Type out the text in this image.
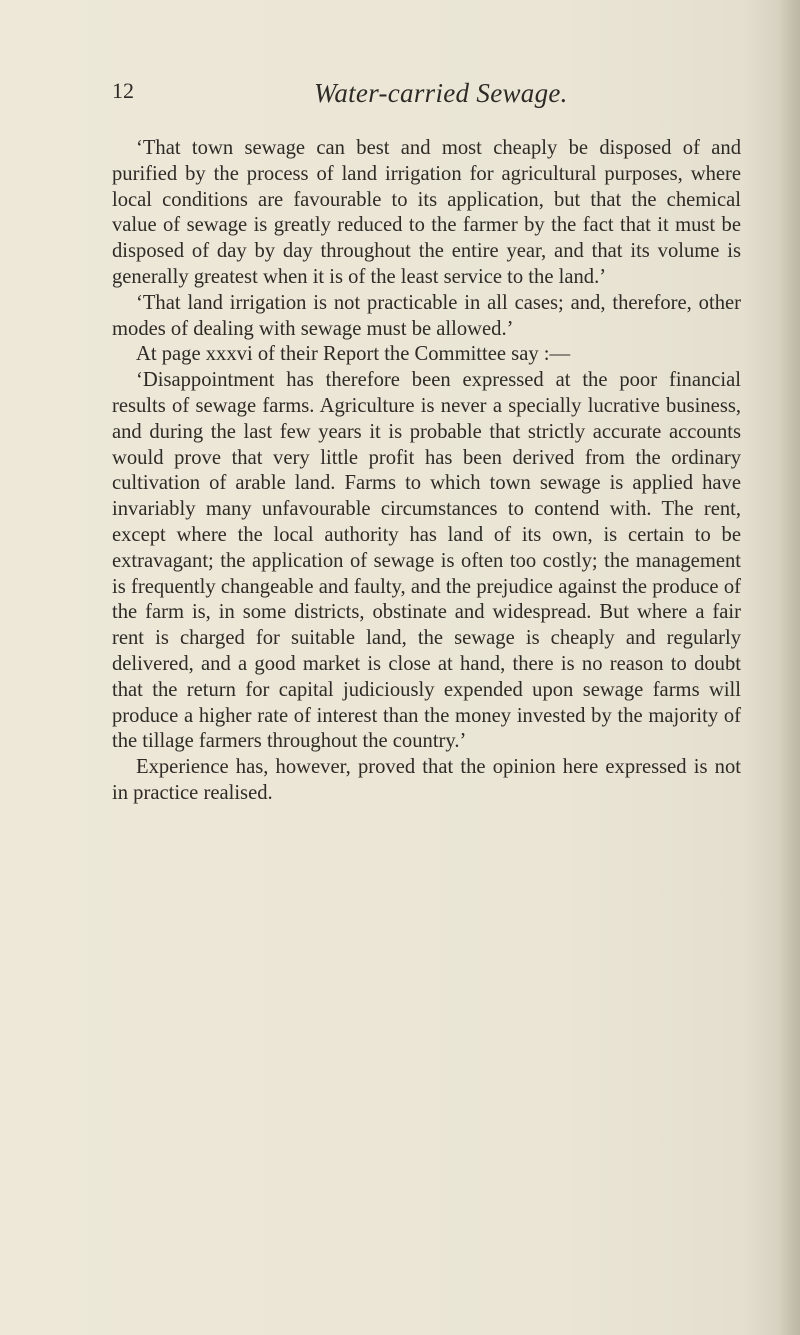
12	Water-carried Sewage.

‘That town sewage can best and most cheaply be disposed of and purified by the process of land irrigation for agricultural purposes, where local conditions are favourable to its application, but that the chemical value of sewage is greatly reduced to the farmer by the fact that it must be disposed of day by day throughout the entire year, and that its volume is generally greatest when it is of the least service to the land.’

‘That land irrigation is not practicable in all cases; and, therefore, other modes of dealing with sewage must be allowed.’

At page xxxvi of their Report the Committee say :—

‘Disappointment has therefore been expressed at the poor financial results of sewage farms. Agriculture is never a specially lucrative business, and during the last few years it is probable that strictly accurate accounts would prove that very little profit has been derived from the ordinary cultivation of arable land. Farms to which town sewage is applied have invariably many unfavourable circumstances to contend with. The rent, except where the local authority has land of its own, is certain to be extravagant; the application of sewage is often too costly; the management is frequently changeable and faulty, and the prejudice against the produce of the farm is, in some districts, obstinate and widespread. But where a fair rent is charged for suitable land, the sewage is cheaply and regularly delivered, and a good market is close at hand, there is no reason to doubt that the return for capital judiciously expended upon sewage farms will produce a higher rate of interest than the money invested by the majority of the tillage farmers throughout the country.’

Experience has, however, proved that the opinion here expressed is not in practice realised.
